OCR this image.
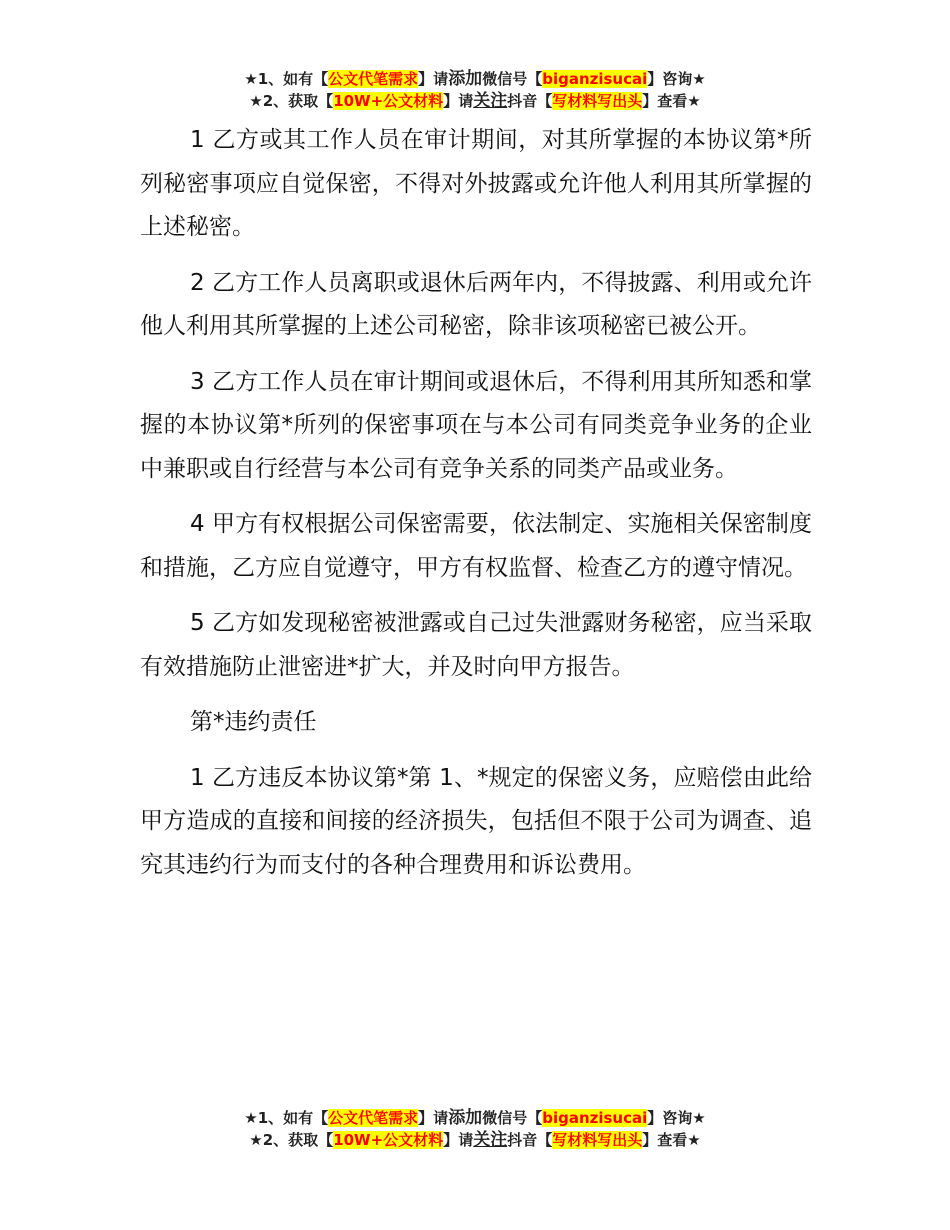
★1、如有【公文代笔需求】请添加微信号【biganzisucai】咨询★
★2、获取【10W+公文材料】请关注抖音【写材料写出头】查看★

1 乙方或其工作人员在审计期间，对其所掌握的本协议第*所列秘密事项应自觉保密，不得对外披露或允许他人利用其所掌握的上述秘密。

2 乙方工作人员离职或退休后两年内，不得披露、利用或允许他人利用其所掌握的上述公司秘密，除非该项秘密已被公开。

3 乙方工作人员在审计期间或退休后，不得利用其所知悉和掌握的本协议第*所列的保密事项在与本公司有同类竞争业务的企业中兼职或自行经营与本公司有竞争关系的同类产品或业务。

4 甲方有权根据公司保密需要，依法制定、实施相关保密制度和措施，乙方应自觉遵守，甲方有权监督、检查乙方的遵守情况。

5 乙方如发现秘密被泄露或自己过失泄露财务秘密，应当采取有效措施防止泄密进*扩大，并及时向甲方报告。

第*违约责任

1 乙方违反本协议第*第 1、*规定的保密义务，应赔偿由此给甲方造成的直接和间接的经济损失，包括但不限于公司为调查、追究其违约行为而支付的各种合理费用和诉讼费用。

★1、如有【公文代笔需求】请添加微信号【biganzisucai】咨询★
★2、获取【10W+公文材料】请关注抖音【写材料写出头】查看★
